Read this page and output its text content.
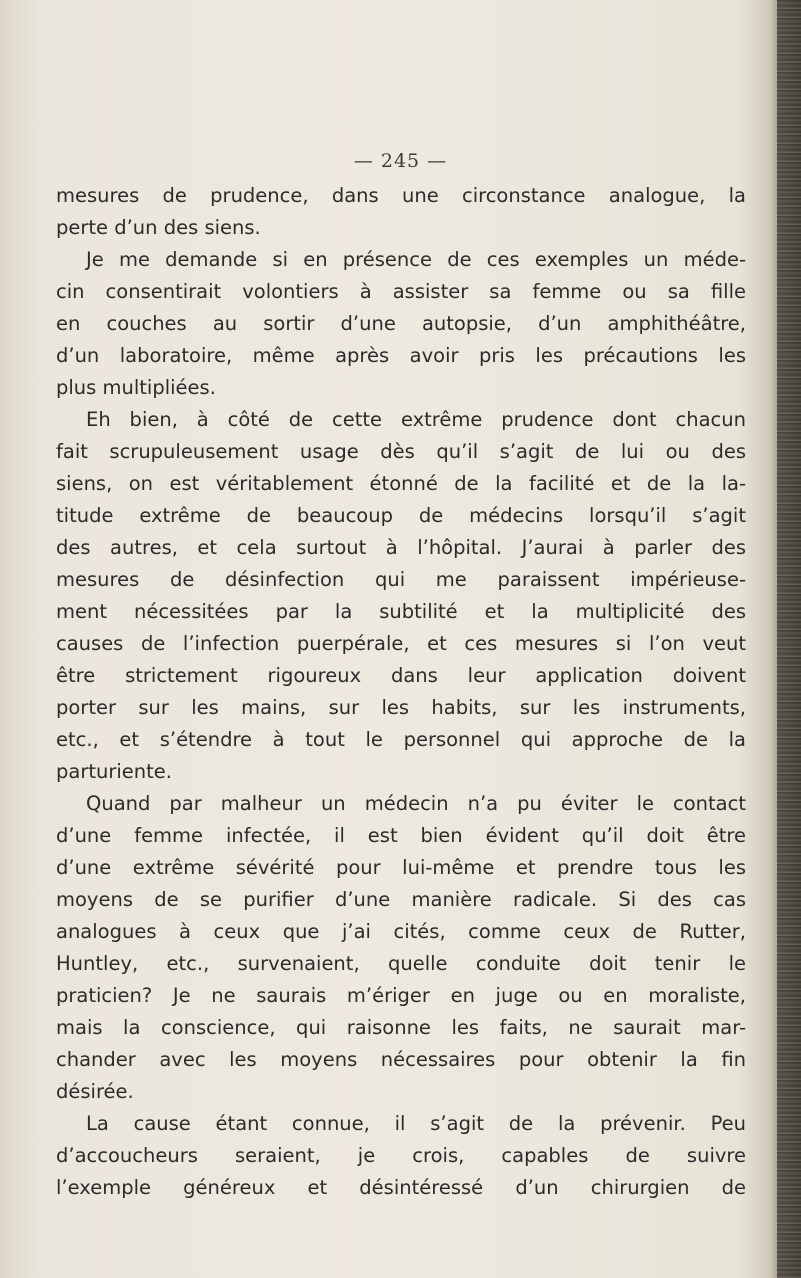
— 245 —
mesures de prudence, dans une circonstance analogue, la
perte d’un des siens.
Je me demande si en présence de ces exemples un méde-
cin consentirait volontiers à assister sa femme ou sa fille
en couches au sortir d’une autopsie, d’un amphithéâtre,
d’un laboratoire, même après avoir pris les précautions les
plus multipliées.
Eh bien, à côté de cette extrême prudence dont chacun
fait scrupuleusement usage dès qu’il s’agit de lui ou des
siens, on est véritablement étonné de la facilité et de la la-
titude extrême de beaucoup de médecins lorsqu’il s’agit
des autres, et cela surtout à l’hôpital. J’aurai à parler des
mesures de désinfection qui me paraissent impérieuse-
ment nécessitées par la subtilité et la multiplicité des
causes de l’infection puerpérale, et ces mesures si l’on veut
être strictement rigoureux dans leur application doivent
porter sur les mains, sur les habits, sur les instruments,
etc., et s’étendre à tout le personnel qui approche de la
parturiente.
Quand par malheur un médecin n’a pu éviter le contact
d’une femme infectée, il est bien évident qu’il doit être
d’une extrême sévérité pour lui-même et prendre tous les
moyens de se purifier d’une manière radicale. Si des cas
analogues à ceux que j’ai cités, comme ceux de Rutter,
Huntley, etc., survenaient, quelle conduite doit tenir le
praticien? Je ne saurais m’ériger en juge ou en moraliste,
mais la conscience, qui raisonne les faits, ne saurait mar-
chander avec les moyens nécessaires pour obtenir la fin
désirée.
La cause étant connue, il s’agit de la prévenir. Peu
d’accoucheurs seraient, je crois, capables de suivre
l’exemple généreux et désintéressé d’un chirurgien de
